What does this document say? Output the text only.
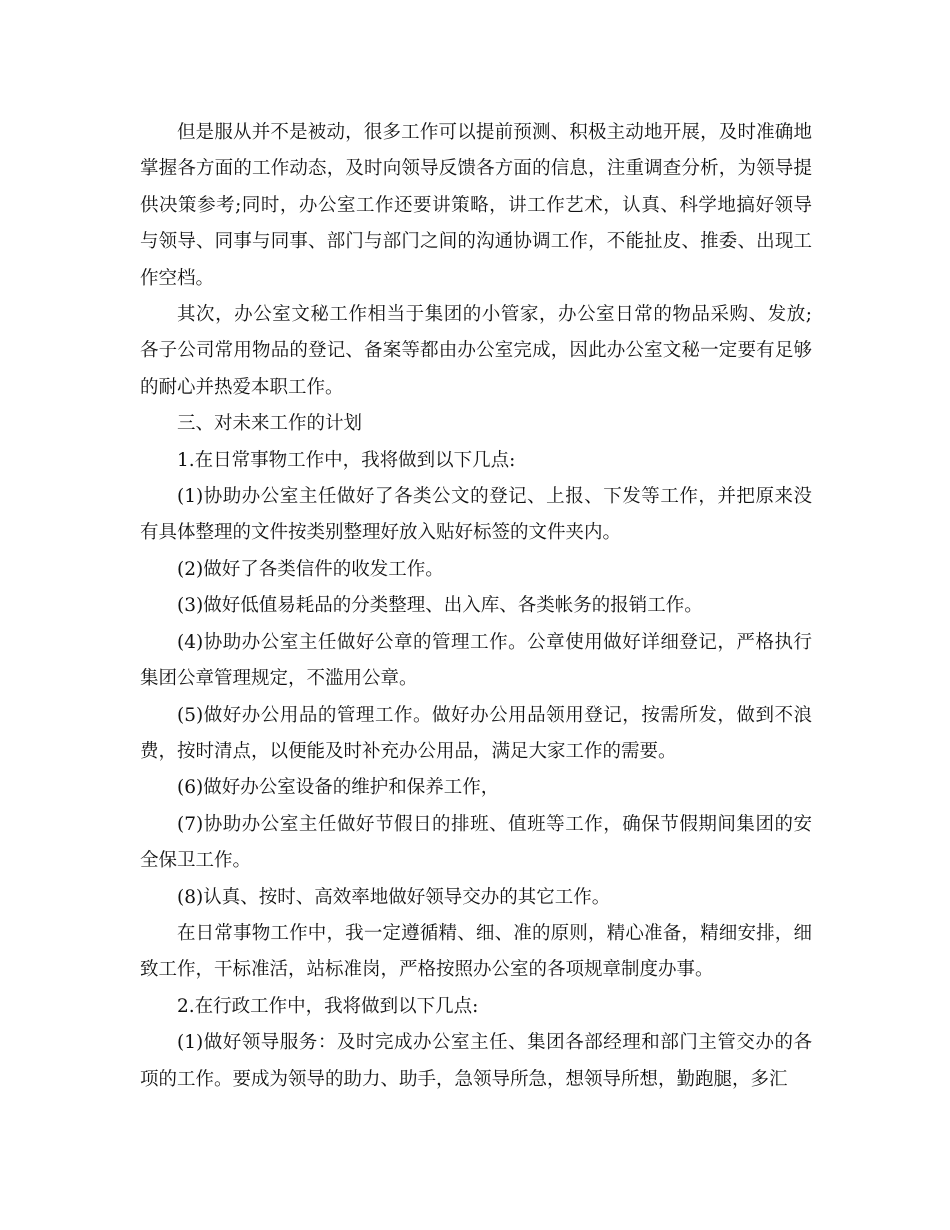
但是服从并不是被动，很多工作可以提前预测、积极主动地开展，及时准确地掌握各方面的工作动态，及时向领导反馈各方面的信息，注重调查分析，为领导提供决策参考;同时，办公室工作还要讲策略，讲工作艺术，认真、科学地搞好领导与领导、同事与同事、部门与部门之间的沟通协调工作，不能扯皮、推委、出现工作空档。

其次，办公室文秘工作相当于集团的小管家，办公室日常的物品采购、发放;各子公司常用物品的登记、备案等都由办公室完成，因此办公室文秘一定要有足够的耐心并热爱本职工作。

三、对未来工作的计划

1.在日常事物工作中，我将做到以下几点:

(1)协助办公室主任做好了各类公文的登记、上报、下发等工作，并把原来没有具体整理的文件按类别整理好放入贴好标签的文件夹内。

(2)做好了各类信件的收发工作。

(3)做好低值易耗品的分类整理、出入库、各类帐务的报销工作。

(4)协助办公室主任做好公章的管理工作。公章使用做好详细登记，严格执行集团公章管理规定，不滥用公章。

(5)做好办公用品的管理工作。做好办公用品领用登记，按需所发，做到不浪费，按时清点，以便能及时补充办公用品，满足大家工作的需要。

(6)做好办公室设备的维护和保养工作，

(7)协助办公室主任做好节假日的排班、值班等工作，确保节假期间集团的安全保卫工作。

(8)认真、按时、高效率地做好领导交办的其它工作。

在日常事物工作中，我一定遵循精、细、准的原则，精心准备，精细安排，细致工作，干标准活，站标准岗，严格按照办公室的各项规章制度办事。

2.在行政工作中，我将做到以下几点:

(1)做好领导服务：及时完成办公室主任、集团各部经理和部门主管交办的各项的工作。要成为领导的助力、助手，急领导所急，想领导所想，勤跑腿，多汇
